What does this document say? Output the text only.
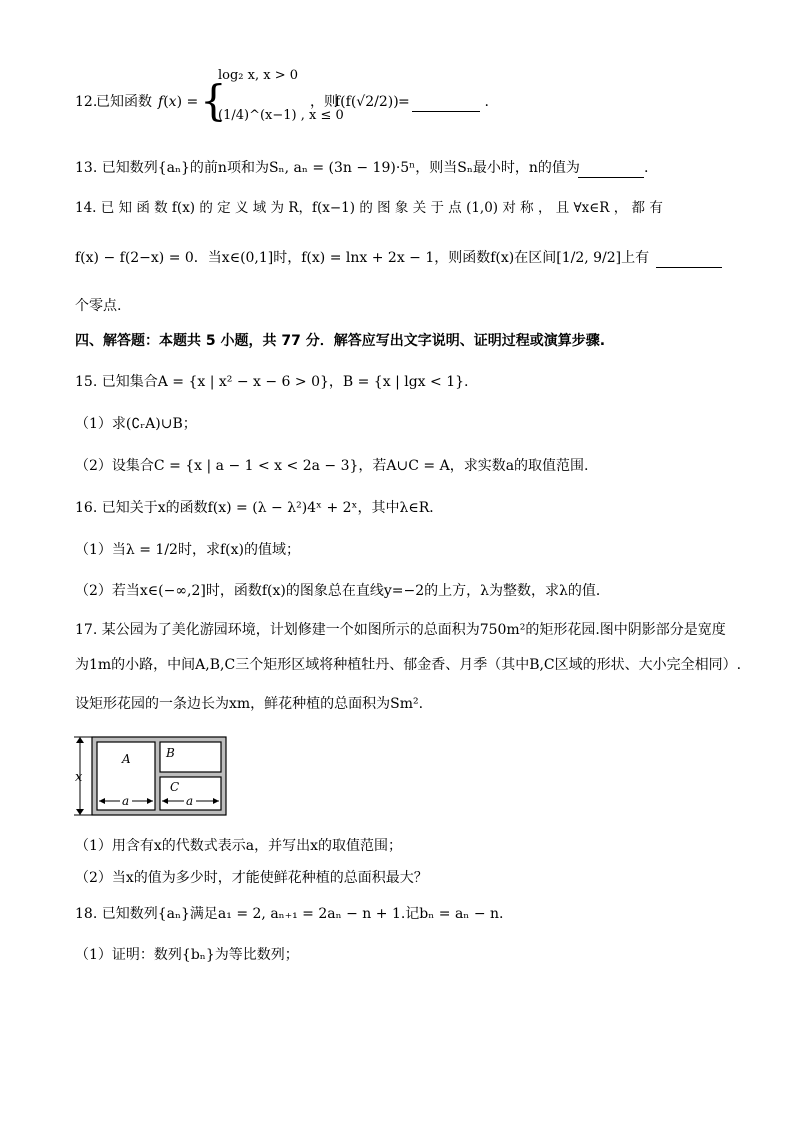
12.
已知函数 f(x) = {
log₂ x, x > 0
(1/4)^(x−1) , x ≤ 0
，则
f(f(√2/2)) =	.
13. 已知数列{aₙ}的前n项和为Sₙ, aₙ = (3n − 19)·5ⁿ，则当Sₙ最小时，n的值为	.
14. 已 知 函 数 f(x) 的 定 义 域 为 R，f(x−1) 的 图 象 关 于 点 (1,0) 对 称 ， 且 ∀x∈R ， 都 有
f(x) − f(2−x) = 0．当x∈(0,1]时，f(x) = lnx + 2x − 1，则函数f(x)在区间[1/2, 9/2]上有
个零点.
四、解答题：本题共 5 小题，共 77 分．解答应写出文字说明、证明过程或演算步骤.
15. 已知集合A = {x | x² − x − 6 > 0}，B = {x | lgx < 1}.
（1）求(∁ᵣA)∪B；
（2）设集合C = {x | a − 1 < x < 2a − 3}，若A∪C = A，求实数a的取值范围.
16. 已知关于x的函数f(x) = (λ − λ²)4ˣ + 2ˣ，其中λ∈R．
（1）当λ = 1/2时，求f(x)的值域；
（2）若当x∈(−∞,2]时，函数f(x)的图象总在直线y=−2的上方，λ为整数，求λ的值．
17. 某公园为了美化游园环境，计划修建一个如图所示的总面积为750m²的矩形花园.图中阴影部分是宽度
为1m的小路，中间A,B,C三个矩形区域将种植牡丹、郁金香、月季（其中B,C区域的形状、大小完全相同）.
设矩形花园的一条边长为xm，鲜花种植的总面积为Sm².
x
A	B
C
a	a
（1）用含有x的代数式表示a，并写出x的取值范围；
（2）当x的值为多少时，才能使鲜花种植的总面积最大？
18. 已知数列{aₙ}满足a₁ = 2, aₙ₊₁ = 2aₙ − n + 1.记bₙ = aₙ − n.
（1）证明：数列{bₙ}为等比数列；
